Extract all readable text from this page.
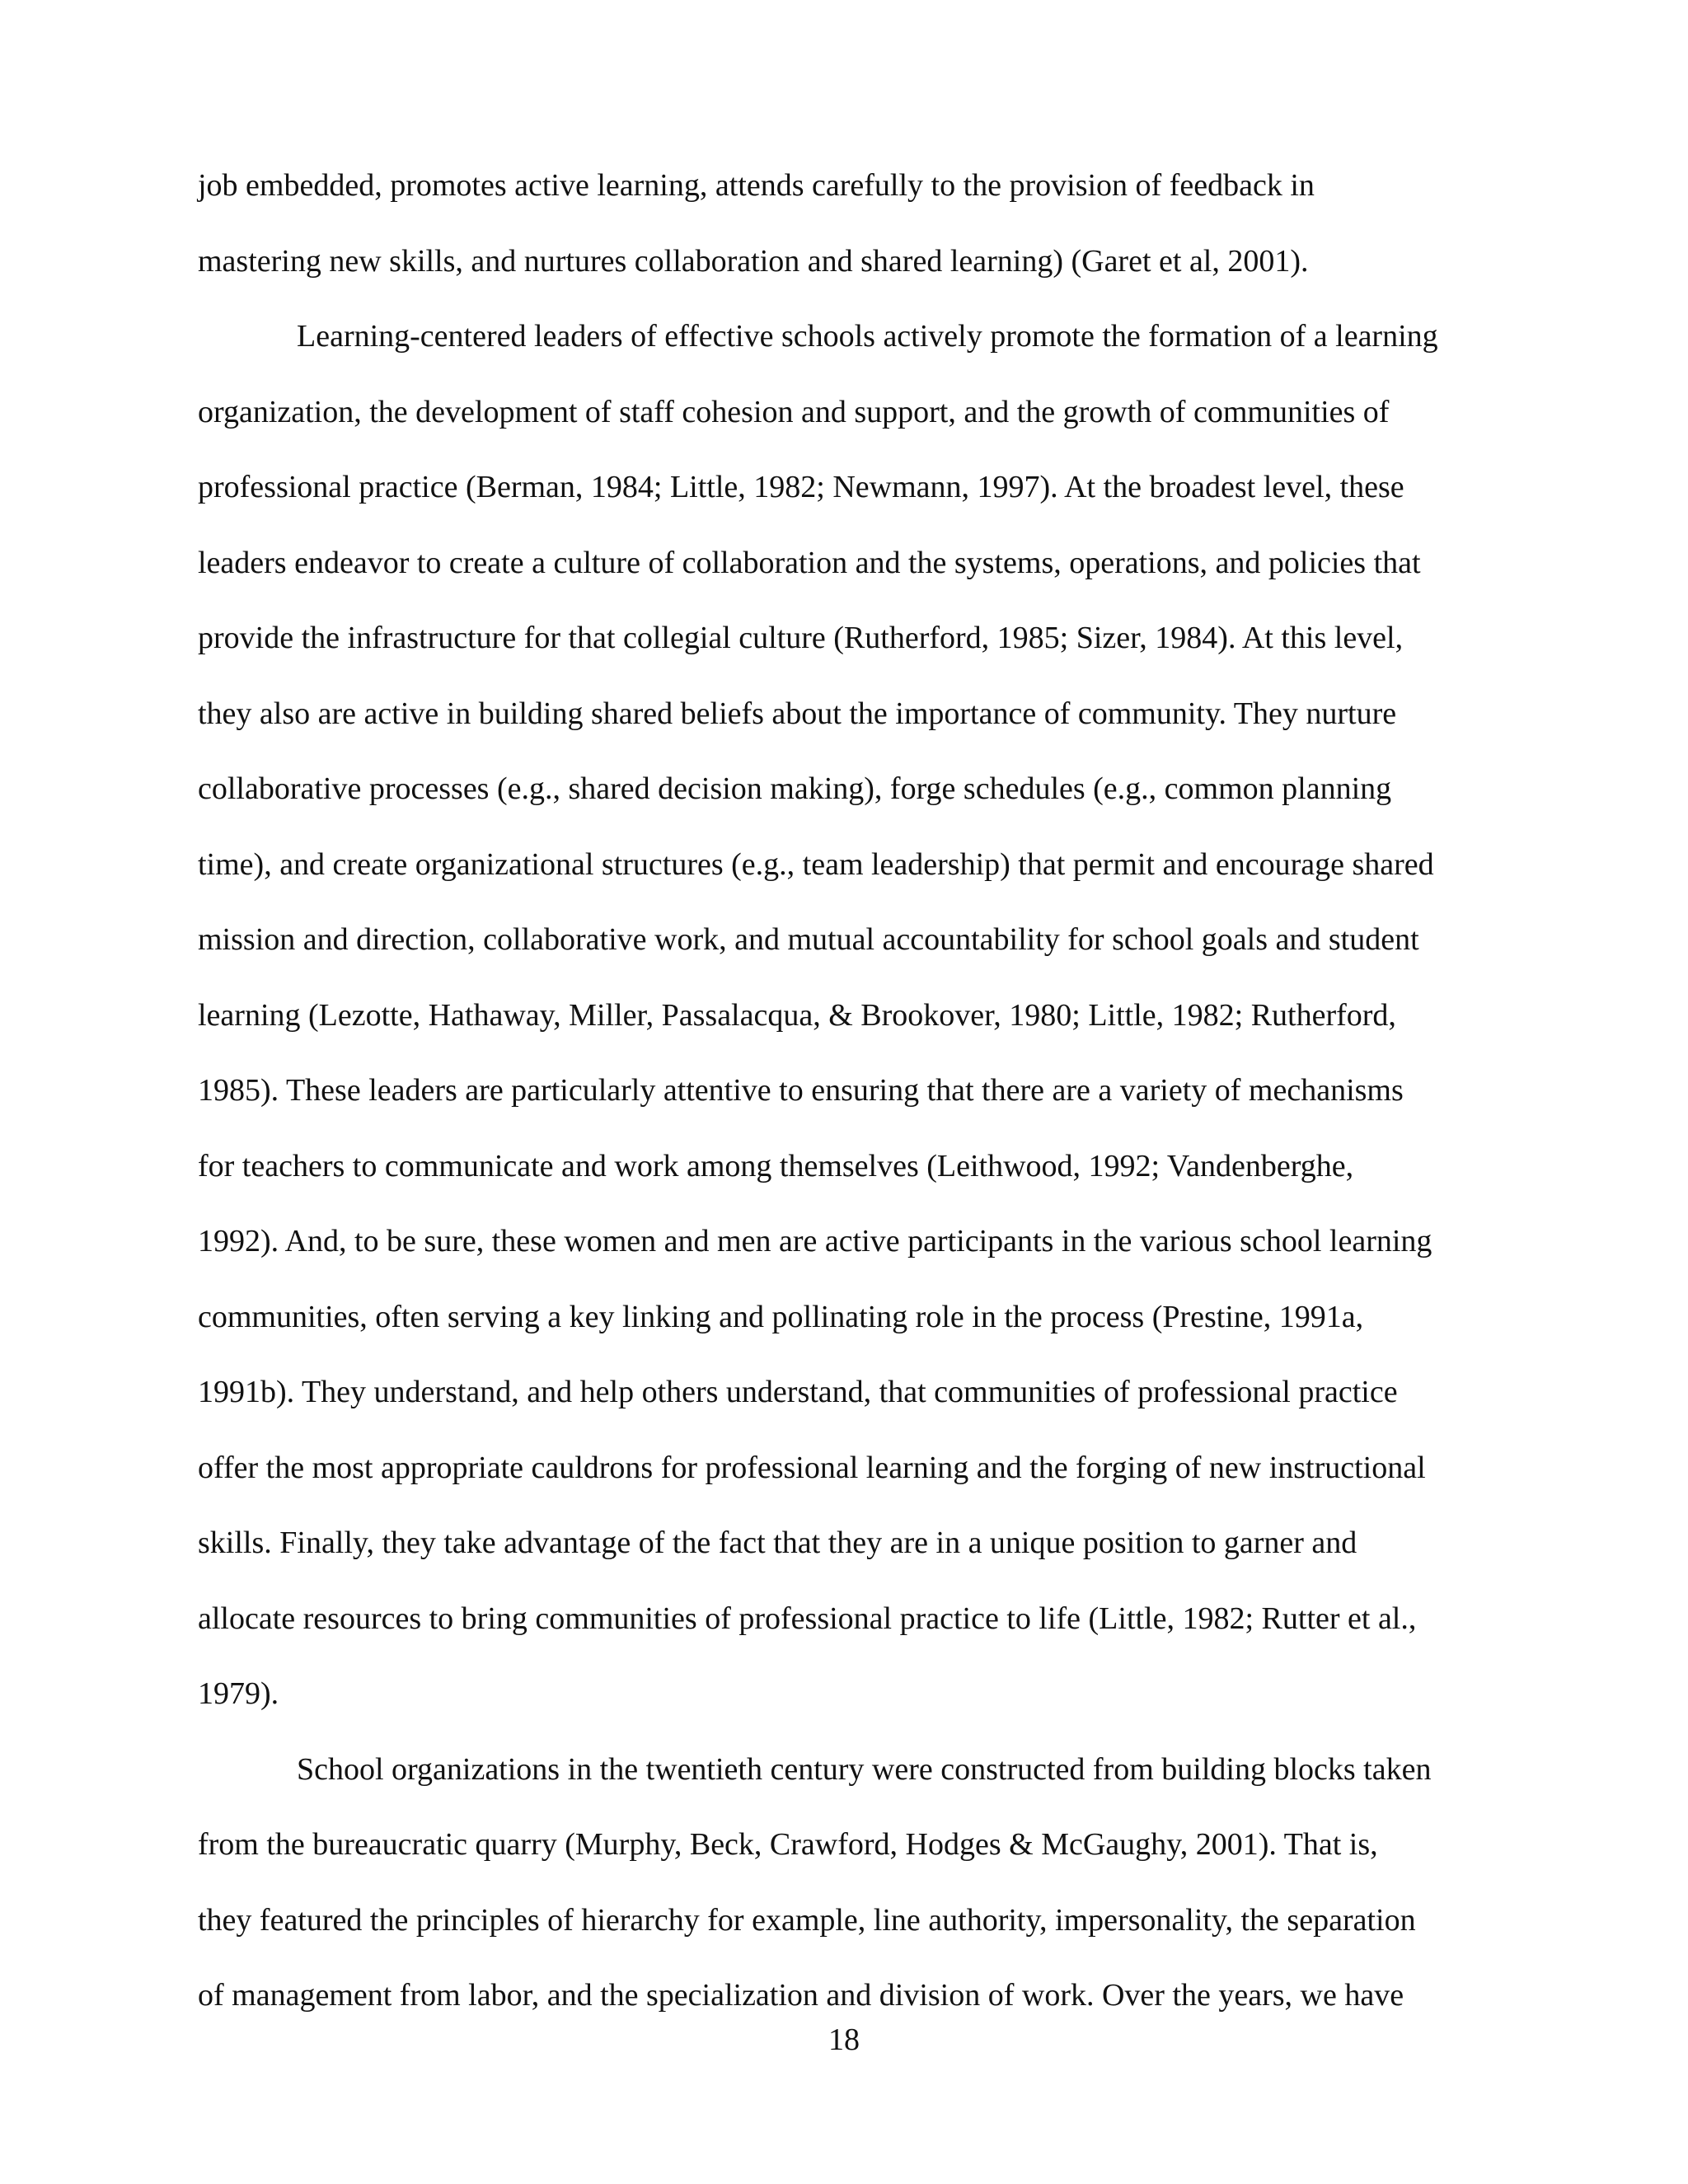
job embedded, promotes active learning, attends carefully to the provision of feedback in
mastering new skills, and nurtures collaboration and shared learning) (Garet et al, 2001).

Learning-centered leaders of effective schools actively promote the formation of a learning
organization, the development of staff cohesion and support, and the growth of communities of
professional practice (Berman, 1984; Little, 1982; Newmann, 1997). At the broadest level, these
leaders endeavor to create a culture of collaboration and the systems, operations, and policies that
provide the infrastructure for that collegial culture (Rutherford, 1985; Sizer, 1984). At this level,
they also are active in building shared beliefs about the importance of community. They nurture
collaborative processes (e.g., shared decision making), forge schedules (e.g., common planning
time), and create organizational structures (e.g., team leadership) that permit and encourage shared
mission and direction, collaborative work, and mutual accountability for school goals and student
learning (Lezotte, Hathaway, Miller, Passalacqua, & Brookover, 1980; Little, 1982; Rutherford,
1985). These leaders are particularly attentive to ensuring that there are a variety of mechanisms
for teachers to communicate and work among themselves (Leithwood, 1992; Vandenberghe,
1992). And, to be sure, these women and men are active participants in the various school learning
communities, often serving a key linking and pollinating role in the process (Prestine, 1991a,
1991b). They understand, and help others understand, that communities of professional practice
offer the most appropriate cauldrons for professional learning and the forging of new instructional
skills. Finally, they take advantage of the fact that they are in a unique position to garner and
allocate resources to bring communities of professional practice to life (Little, 1982; Rutter et al.,
1979).

School organizations in the twentieth century were constructed from building blocks taken
from the bureaucratic quarry (Murphy, Beck, Crawford, Hodges & McGaughy, 2001). That is,
they featured the principles of hierarchy for example, line authority, impersonality, the separation
of management from labor, and the specialization and division of work. Over the years, we have

18
